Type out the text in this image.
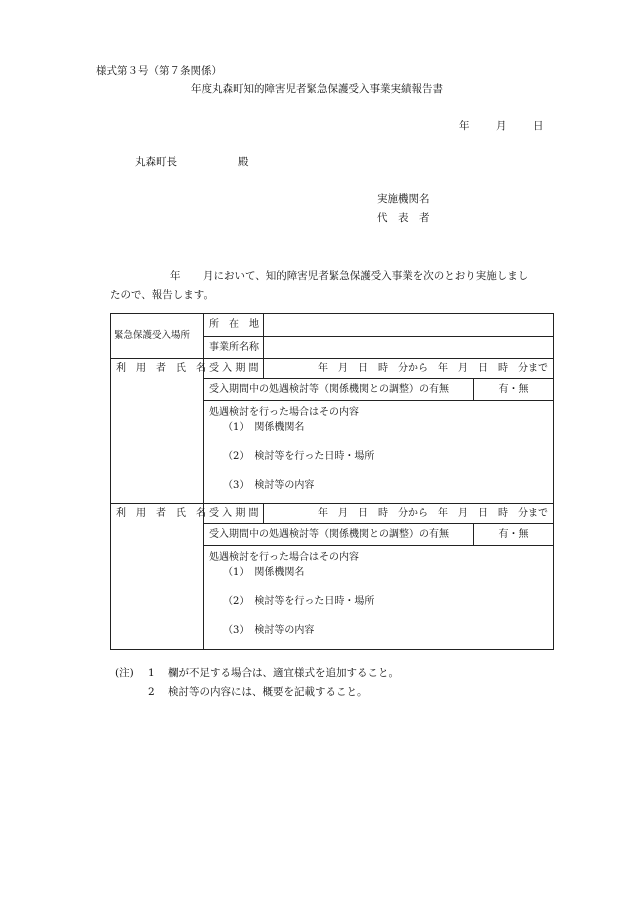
様式第３号（第７条関係）
年度丸森町知的障害児者緊急保護受入事業実績報告書
年	月	日
丸森町長	殿
実施機関名
代　表　者
年 月において、知的障害児者緊急保護受入事業を次のとおり実施しまし
たので、報告します。
緊急保護受入場所	所　在　地		
	事業所名称		
利　用　者　氏　名	受 入 期 間	年　月　日　時　分から　年　月　日　時　分まで	
	受入期間中の処遇検討等（関係機関との調整）の有無		有・無

	処遇検討を行った場合はその内容
（1）　関係機関名
（2）　検討等を行った日時・場所
（3）　検討等の内容		

利　用　者　氏　名	受 入 期 間	年　月　日　時　分から　年　月　日　時　分まで	
	受入期間中の処遇検討等（関係機関との調整）の有無		有・無

	処遇検討を行った場合はその内容
（1）　関係機関名
（2）　検討等を行った日時・場所
（3）　検討等の内容		
(注) 1 欄が不足する場合は、適宜様式を追加すること。
2 検討等の内容には、概要を記載すること。
